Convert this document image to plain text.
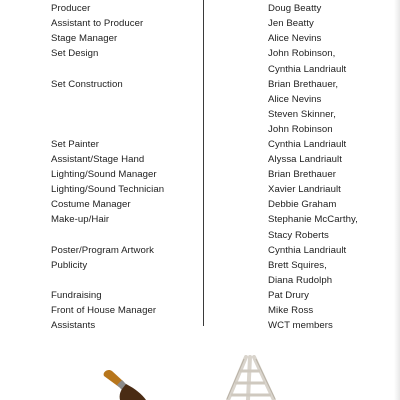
Producer
Assistant to Producer
Stage Manager
Set Design
Set Construction
Set Painter
Assistant/Stage Hand
Lighting/Sound Manager
Lighting/Sound Technician
Costume Manager
Make-up/Hair
Poster/Program Artwork
Publicity
Fundraising
Front of House Manager
Assistants
Doug Beatty
Jen Beatty
Alice Nevins
John Robinson,
Cynthia Landriault
Brian Brethauer,
Alice Nevins
Steven Skinner,
John Robinson
Cynthia Landriault
Alyssa Landriault
Brian Brethauer
Xavier Landriault
Debbie Graham
Stephanie McCarthy,
Stacy Roberts
Cynthia Landriault
Brett Squires,
Diana Rudolph
Pat Drury
Mike Ross
WCT members
